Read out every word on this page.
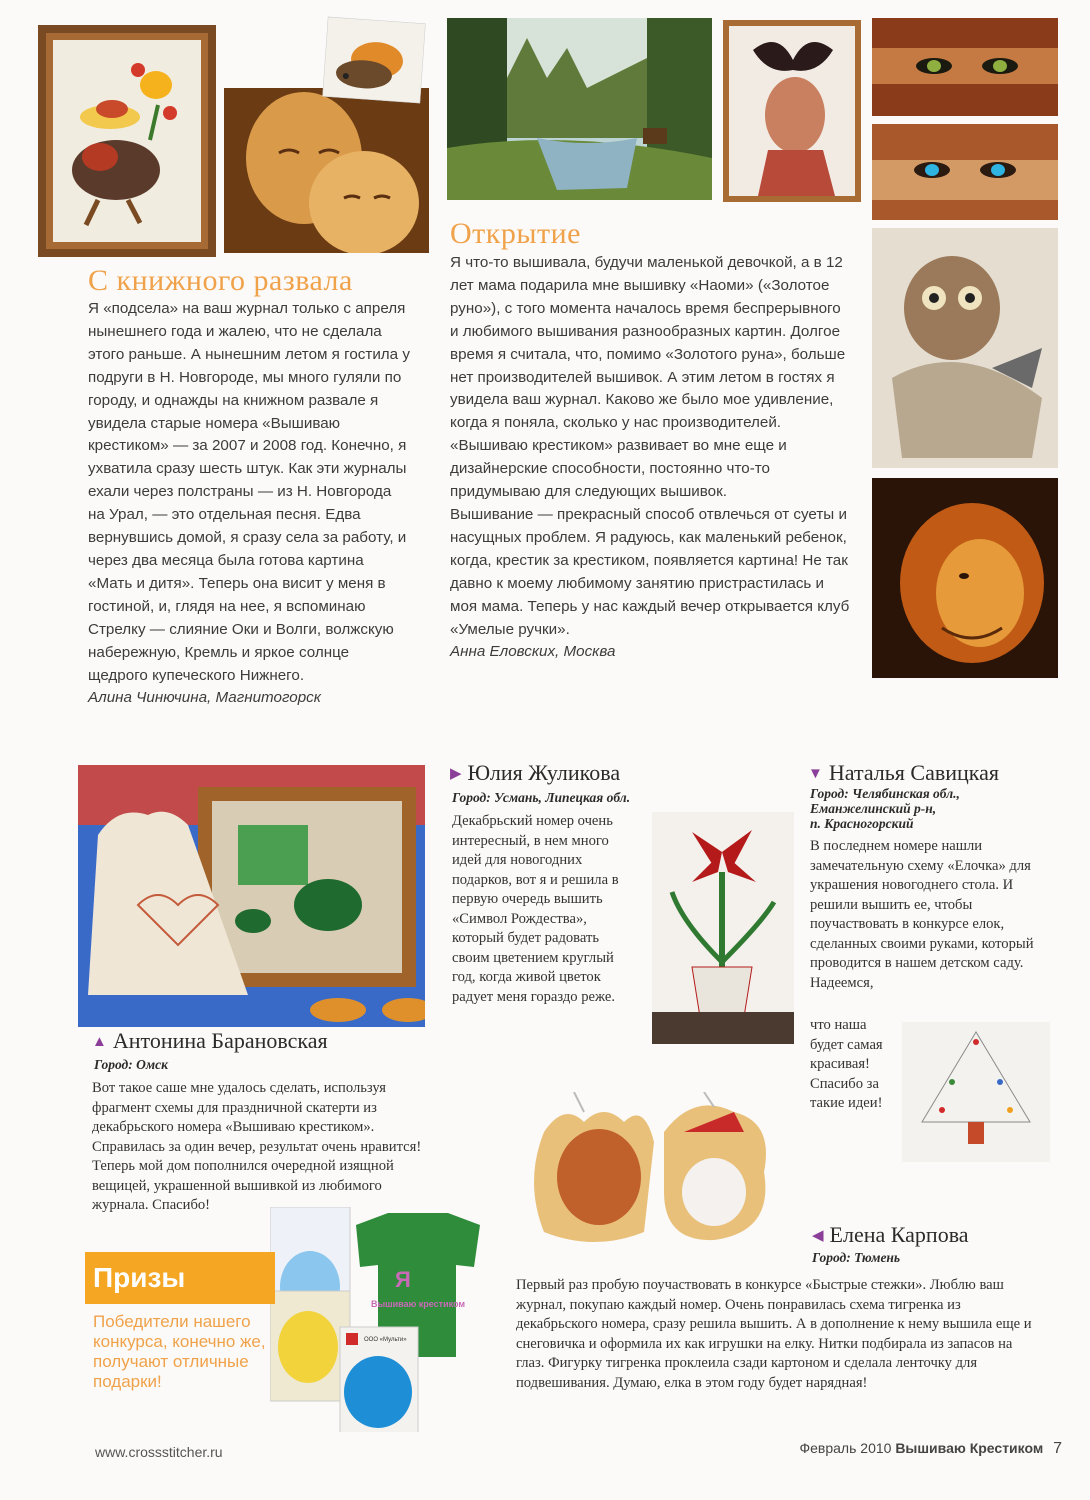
С книжного развала

Я «подсела» на ваш журнал только с апреля нынешнего года и жалею, что не сделала этого раньше. А нынешним летом я гостила у подруги в Н. Новгороде, мы много гуляли по городу, и однажды на книжном развале я увидела старые номера «Вышиваю крестиком» — за 2007 и 2008 год. Конечно, я ухватила сразу шесть штук. Как эти журналы ехали через полстраны — из Н. Новгорода на Урал, — это отдельная песня. Едва вернувшись домой, я сразу села за работу, и через два месяца была готова картина «Мать и дитя». Теперь она висит у меня в гостиной, и, глядя на нее, я вспоминаю Стрелку — слияние Оки и Волги, волжскую набережную, Кремль и яркое солнце щедрого купеческого Нижнего.

Алина Чинючина, Магнитогорск

Открытие

Я что-то вышивала, будучи маленькой девочкой, а в 12 лет мама подарила мне вышивку «Наоми» («Золотое руно»), с того момента началось время беспрерывного и любимого вышивания разнообразных картин. Долгое время я считала, что, помимо «Золотого руна», больше нет производителей вышивок. А этим летом в гостях я увидела ваш журнал. Каково же было мое удивление, когда я поняла, сколько у нас производителей.

«Вышиваю крестиком» развивает во мне еще и дизайнерские способности, постоянно что-то придумываю для следующих вышивок.

Вышивание — прекрасный способ отвлечься от суеты и насущных проблем. Я радуюсь, как маленький ребенок, когда, крестик за крестиком, появляется картина! Не так давно к моему любимому занятию пристрастилась и моя мама. Теперь у нас каждый вечер открывается клуб «Умелые ручки».

Анна Еловских, Москва

Я
Вышиваю крестиком
ООО «Мульти»
Призы
Победители нашего конкурса, конечно же, получают отличные подарки!
▶ Юлия Жуликова
Город: Усмань, Липецкая обл.
Декабрьский номер очень интересный, в нем много идей для новогодних подарков, вот я и решила в первую очередь вышить «Символ Рождества», который будет радовать своим цветением круглый год, когда живой цветок радует меня гораздо реже.
▼ Наталья Савицкая
Город: Челябинская обл.,
Еманжелинский р-н,
п. Красногорский
В последнем номере нашли замечательную схему «Елочка» для украшения новогоднего стола. И решили вышить ее, чтобы поучаствовать в конкурсе елок, сделанных своими руками, который проводится в нашем детском саду. Надеемся,
что наша будет самая красивая! Спасибо за такие идеи!
▲ Антонина Барановская
Город: Омск
Вот такое саше мне удалось сделать, используя фрагмент схемы для праздничной скатерти из декабрьского номера «Вышиваю крестиком». Справилась за один вечер, результат очень нравится! Теперь мой дом пополнился очередной изящной вещицей, украшенной вышивкой из любимого журнала. Спасибо!
◀ Елена Карпова
Город: Тюмень
Первый раз пробую поучаствовать в конкурсе «Быстрые стежки». Люблю ваш журнал, покупаю каждый номер. Очень понравилась схема тигренка из декабрьского номера, сразу решила вышить. А в дополнение к нему вышила еще и снеговичка и оформила их как игрушки на елку. Нитки подбирала из запасов на глаз. Фигурку тигренка проклеила сзади картоном и сделала ленточку для подвешивания. Думаю, елка в этом году будет нарядная!
www.crossstitcher.ru	Февраль 2010 Вышиваю Крестиком 7
